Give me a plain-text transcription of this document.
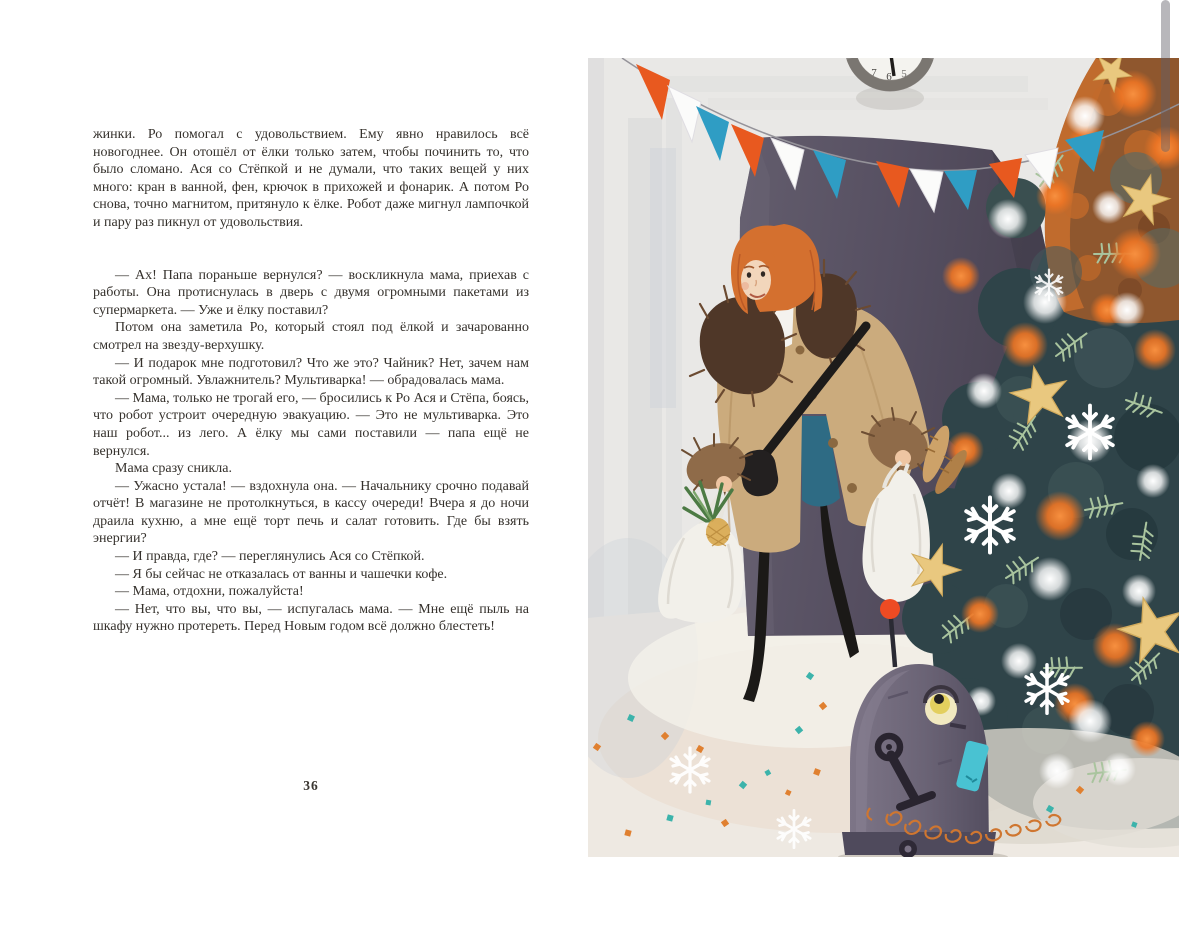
жинки. Ро помогал с удовольствием. Ему явно нравилось всё новогоднее. Он отошёл от ёлки только затем, чтобы починить то, что было сломано. Ася со Стёпкой и не думали, что таких вещей у них много: кран в ванной, фен, крючок в прихожей и фонарик. А потом Ро снова, точно магнитом, притянуло к ёлке. Робот даже мигнул лампочкой и пару раз пикнул от удовольствия.

— Ах! Папа пораньше вернулся? — воскликнула мама, приехав с работы. Она протиснулась в дверь с двумя огромными пакетами из супермаркета. — Уже и ёлку поставил?

Потом она заметила Ро, который стоял под ёлкой и зачарованно смотрел на звезду-верхушку.

— И подарок мне подготовил? Что же это? Чайник? Нет, зачем нам такой огромный. Увлажнитель? Мультиварка! — обрадовалась мама.

— Мама, только не трогай его, — бросились к Ро Ася и Стёпа, боясь, что робот устроит очередную эвакуацию. — Это не мультиварка. Это наш робот... из лего. А ёлку мы сами поставили — папа ещё не вернулся.

Мама сразу сникла.

— Ужасно устала! — вздохнула она. — Начальнику срочно подавай отчёт! В магазине не протолкнуться, в кассу очереди! Вчера я до ночи драила кухню, а мне ещё торт печь и салат готовить. Где бы взять энергии?

— И правда, где? — переглянулись Ася со Стёпкой.

— Я бы сейчас не отказалась от ванны и чашечки кофе.

— Мама, отдохни, пожалуйста!

— Нет, что вы, что вы, — испугалась мама. — Мне ещё пыль на шкафу нужно протереть. Перед Новым годом всё должно блестеть!

36
7 6 5
